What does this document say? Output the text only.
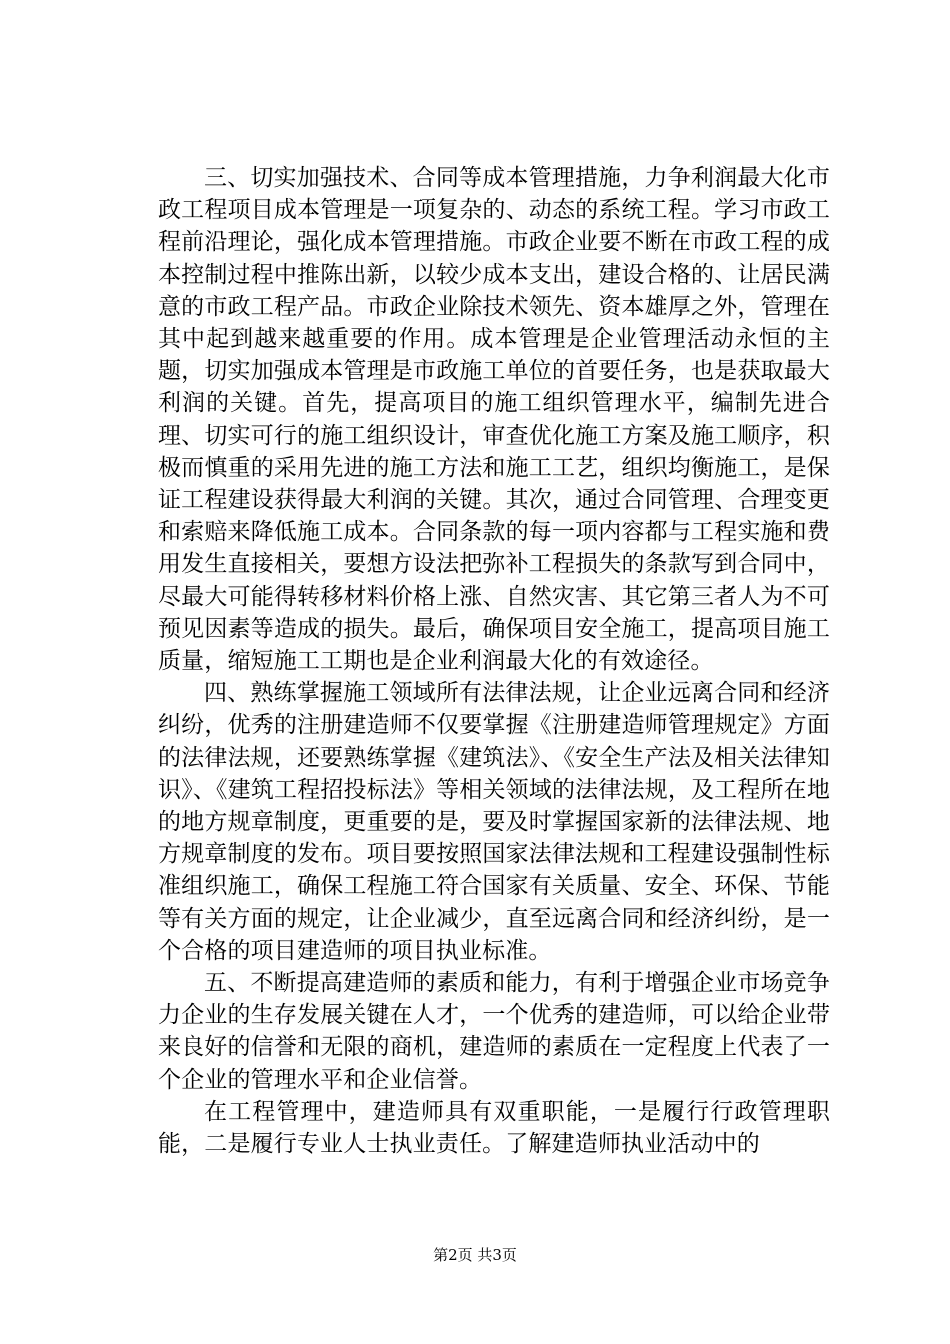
三、切实加强技术、合同等成本管理措施，力争利润最大化市政工程项目成本管理是一项复杂的、动态的系统工程。学习市政工程前沿理论，强化成本管理措施。市政企业要不断在市政工程的成本控制过程中推陈出新，以较少成本支出，建设合格的、让居民满意的市政工程产品。市政企业除技术领先、资本雄厚之外，管理在其中起到越来越重要的作用。成本管理是企业管理活动永恒的主题，切实加强成本管理是市政施工单位的首要任务，也是获取最大利润的关键。首先，提高项目的施工组织管理水平，编制先进合理、切实可行的施工组织设计，审查优化施工方案及施工顺序，积极而慎重的采用先进的施工方法和施工工艺，组织均衡施工，是保证工程建设获得最大利润的关键。其次，通过合同管理、合理变更和索赔来降低施工成本。合同条款的每一项内容都与工程实施和费用发生直接相关，要想方设法把弥补工程损失的条款写到合同中，尽最大可能得转移材料价格上涨、自然灾害、其它第三者人为不可预见因素等造成的损失。最后，确保项目安全施工，提高项目施工质量，缩短施工工期也是企业利润最大化的有效途径。

四、熟练掌握施工领域所有法律法规，让企业远离合同和经济纠纷，优秀的注册建造师不仅要掌握《注册建造师管理规定》方面的法律法规，还要熟练掌握《建筑法》、《安全生产法及相关法律知识》、《建筑工程招投标法》等相关领域的法律法规，及工程所在地的地方规章制度，更重要的是，要及时掌握国家新的法律法规、地方规章制度的发布。项目要按照国家法律法规和工程建设强制性标准组织施工，确保工程施工符合国家有关质量、安全、环保、节能等有关方面的规定，让企业减少，直至远离合同和经济纠纷，是一个合格的项目建造师的项目执业标准。

五、不断提高建造师的素质和能力，有利于增强企业市场竞争力企业的生存发展关键在人才，一个优秀的建造师，可以给企业带来良好的信誉和无限的商机，建造师的素质在一定程度上代表了一个企业的管理水平和企业信誉。

在工程管理中，建造师具有双重职能，一是履行行政管理职能，二是履行专业人士执业责任。了解建造师执业活动中的

第2页 共3页
